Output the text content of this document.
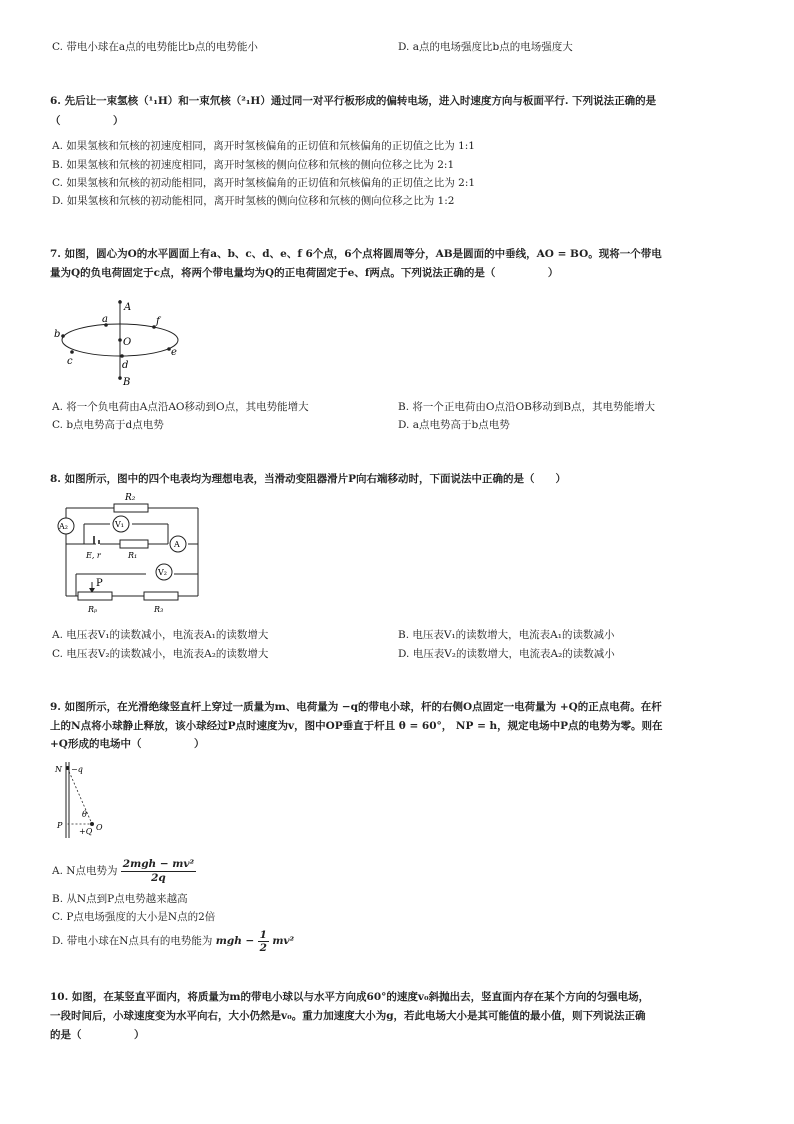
C. 带电小球在a点的电势能比b点的电势能小	D. a点的电场强度比b点的电场强度大
6. 先后让一束氢核（¹₁H）和一束氘核（²₁H）通过同一对平行板形成的偏转电场，进入时速度方向与板面平行. 下列说法正确的是
（　　　　　）
A. 如果氢核和氘核的初速度相同，离开时氢核偏角的正切值和氘核偏角的正切值之比为 1:1
B. 如果氢核和氘核的初速度相同，离开时氢核的侧向位移和氘核的侧向位移之比为 2:1
C. 如果氢核和氘核的初动能相同，离开时氢核偏角的正切值和氘核偏角的正切值之比为 2:1
D. 如果氢核和氘核的初动能相同，离开时氢核的侧向位移和氘核的侧向位移之比为 1:2
7. 如图，圆心为O的水平圆面上有a、b、c、d、e、f 6个点，6个点将圆周等分，AB是圆面的中垂线，AO = BO。现将一个带电
量为Q的负电荷固定于c点，将两个带电量均为Q的正电荷固定于e、f两点。下列说法正确的是（　　　　　）
A
a	f
b
O
e
c	d
B
A. 将一个负电荷由A点沿AO移动到O点，其电势能增大	B. 将一个正电荷由O点沿OB移动到B点，其电势能增大
C. b点电势高于d点电势	D. a点电势高于b点电势
8. 如图所示，图中的四个电表均为理想电表，当滑动变阻器滑片P向右端移动时，下面说法中正确的是（　　）
R₂
A₂	V₁
E, r	R₁
A
V₂
P
Rₚ	R₃
A. 电压表V₁的读数减小，电流表A₁的读数增大	B. 电压表V₁的读数增大，电流表A₁的读数减小
C. 电压表V₂的读数减小，电流表A₂的读数增大	D. 电压表V₂的读数增大，电流表A₂的读数减小
9. 如图所示，在光滑绝缘竖直杆上穿过一质量为m、电荷量为 −q的带电小球，杆的右侧O点固定一电荷量为 +Q的正点电荷。在杆
上的N点将小球静止释放，该小球经过P点时速度为v，图中OP垂直于杆且 θ = 60°， NP = h，规定电场中P点的电势为零。则在
+Q形成的电场中（　　　　　）
N −q
θ
P
+Q O
A. N点电势为 $\frac{\text{2mgh − mv²}}{2q}$
B. 从N点到P点电势越来越高
C. P点电场强度的大小是N点的2倍
D. 带电小球在N点具有的电势能为 mgh − $\frac{1}{2} mv^2$
10. 如图，在某竖直平面内，将质量为m的带电小球以与水平方向成60°的速度v₀斜抛出去，竖直面内存在某个方向的匀强电场，
一段时间后，小球速度变为水平向右，大小仍然是v₀。重力加速度大小为g，若此电场大小是其可能值的最小值，则下列说法正确
的是（　　　　　）
